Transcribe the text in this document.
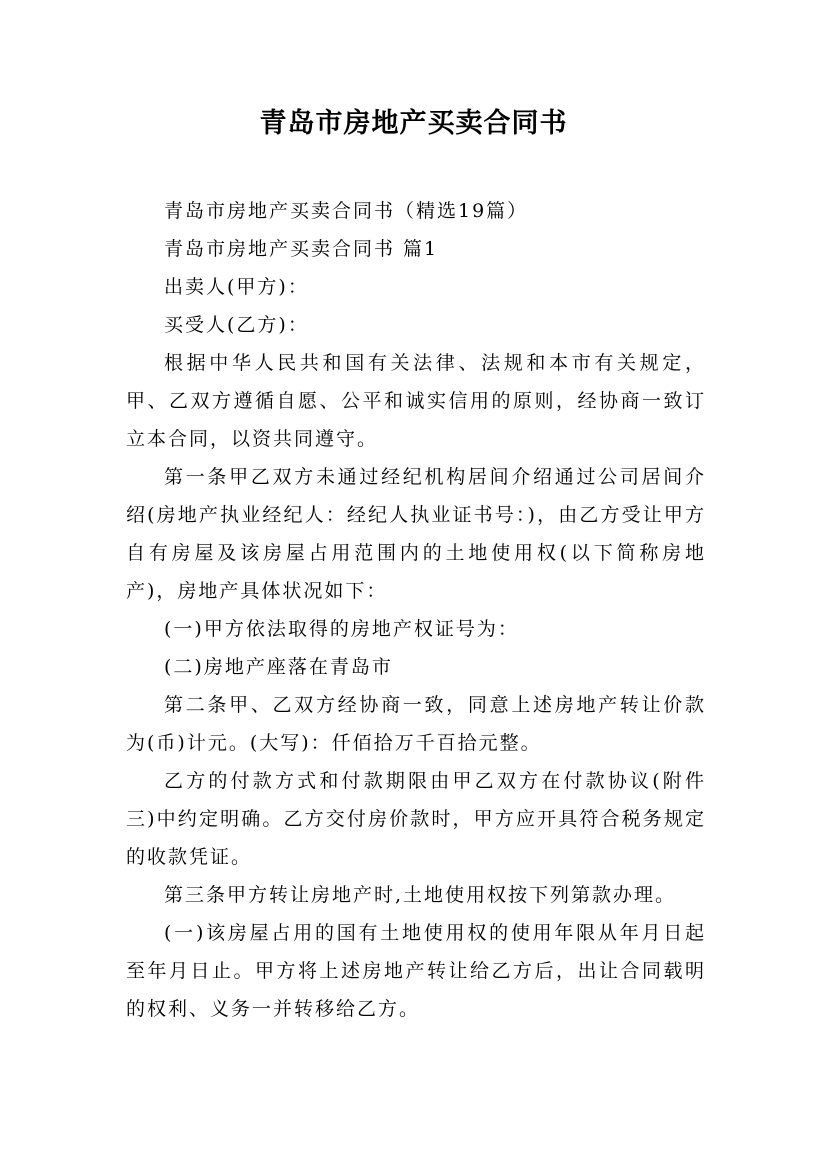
青岛市房地产买卖合同书

青岛市房地产买卖合同书（精选19篇）

青岛市房地产买卖合同书 篇1

出卖人(甲方)：

买受人(乙方)：

根据中华人民共和国有关法律、法规和本市有关规定，甲、乙双方遵循自愿、公平和诚实信用的原则，经协商一致订立本合同，以资共同遵守。

第一条甲乙双方未通过经纪机构居间介绍通过公司居间介绍(房地产执业经纪人：经纪人执业证书号：)，由乙方受让甲方自有房屋及该房屋占用范围内的土地使用权(以下简称房地产)，房地产具体状况如下：

(一)甲方依法取得的房地产权证号为：

(二)房地产座落在青岛市

第二条甲、乙双方经协商一致，同意上述房地产转让价款为(币)计元。(大写)：仟佰拾万千百拾元整。

乙方的付款方式和付款期限由甲乙双方在付款协议(附件三)中约定明确。乙方交付房价款时，甲方应开具符合税务规定的收款凭证。

第三条甲方转让房地产时,土地使用权按下列第款办理。

(一)该房屋占用的国有土地使用权的使用年限从年月日起至年月日止。甲方将上述房地产转让给乙方后，出让合同载明的权利、义务一并转移给乙方。
